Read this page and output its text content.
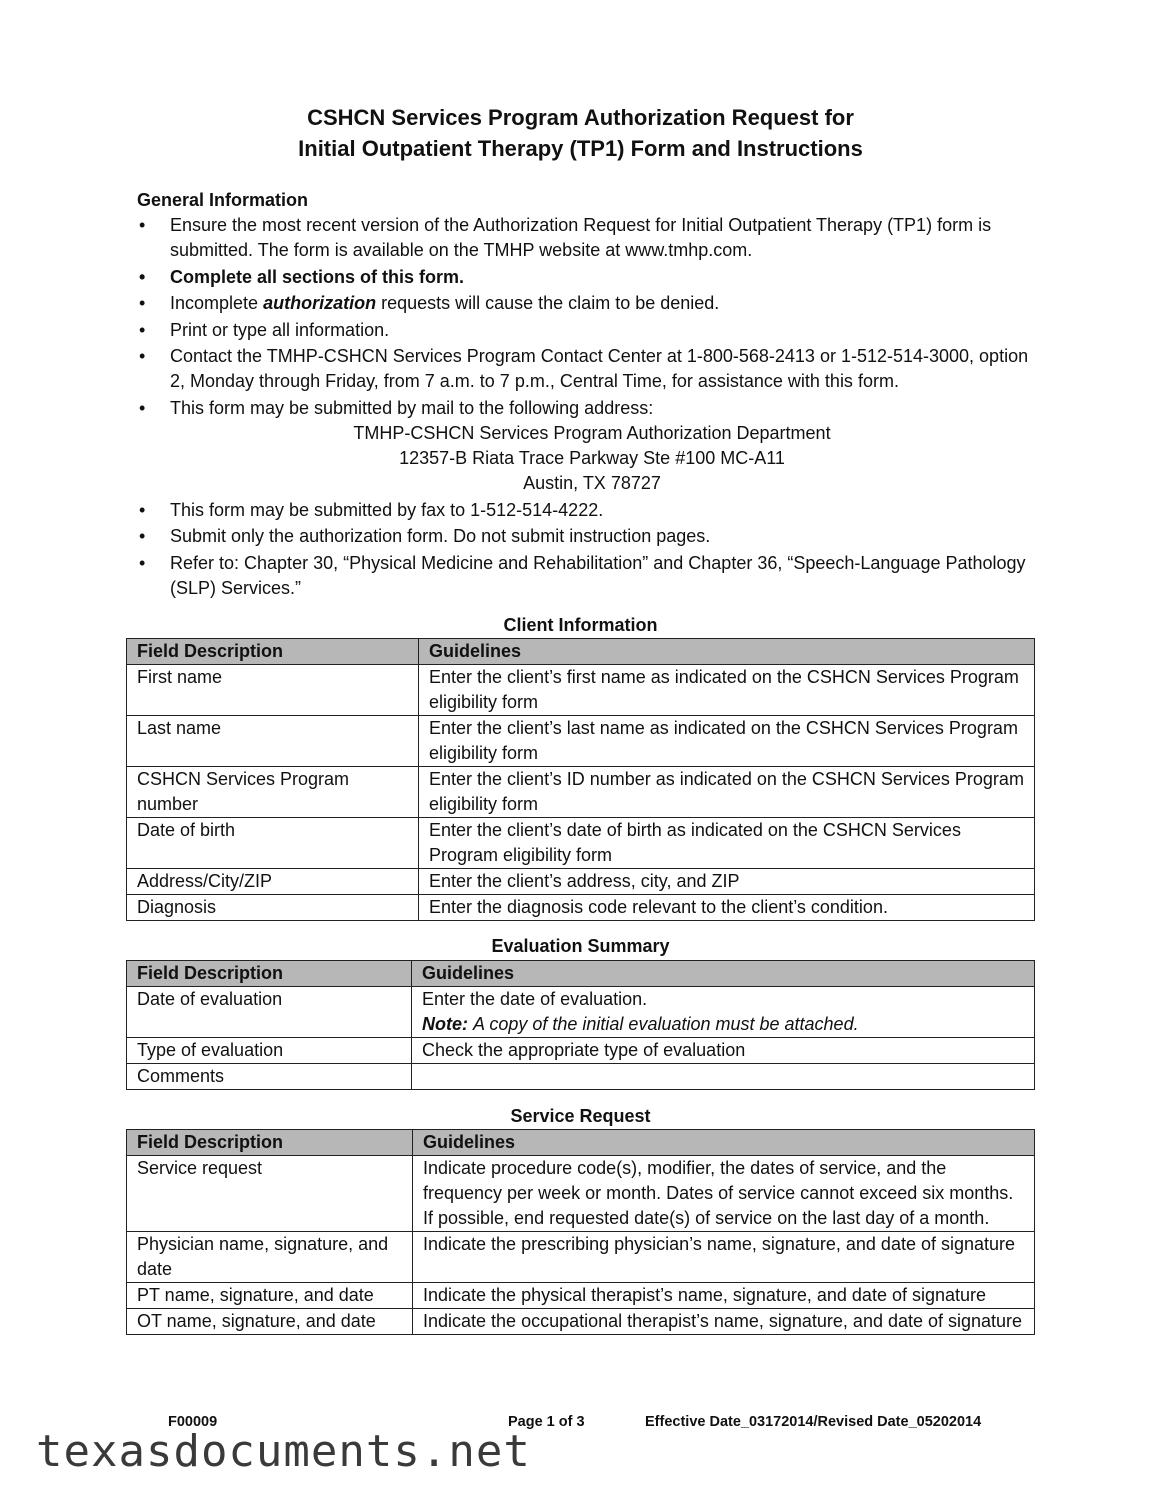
CSHCN Services Program Authorization Request for
Initial Outpatient Therapy (TP1) Form and Instructions
General Information
• Ensure the most recent version of the Authorization Request for Initial Outpatient Therapy (TP1) form is submitted. The form is available on the TMHP website at www.tmhp.com.
• Complete all sections of this form.
• Incomplete authorization requests will cause the claim to be denied.
• Print or type all information.
• Contact the TMHP-CSHCN Services Program Contact Center at 1-800-568-2413 or 1-512-514-3000, option 2, Monday through Friday, from 7 a.m. to 7 p.m., Central Time, for assistance with this form.
• This form may be submitted by mail to the following address:
TMHP-CSHCN Services Program Authorization Department
12357-B Riata Trace Parkway Ste #100 MC-A11
Austin, TX 78727
• This form may be submitted by fax to 1-512-514-4222.
• Submit only the authorization form. Do not submit instruction pages.
• Refer to: Chapter 30, “Physical Medicine and Rehabilitation” and Chapter 36, “Speech-Language Pathology (SLP) Services.”
Client Information
Field Description	Guidelines
First name	Enter the client’s first name as indicated on the CSHCN Services Program eligibility form
Last name	Enter the client’s last name as indicated on the CSHCN Services Program eligibility form
CSHCN Services Program number	Enter the client’s ID number as indicated on the CSHCN Services Program eligibility form
Date of birth	Enter the client’s date of birth as indicated on the CSHCN Services Program eligibility form
Address/City/ZIP	Enter the client’s address, city, and ZIP
Diagnosis	Enter the diagnosis code relevant to the client’s condition.
Evaluation Summary
Field Description	Guidelines
Date of evaluation	Enter the date of evaluation.
Note: A copy of the initial evaluation must be attached.

Type of evaluation	Check the appropriate type of evaluation
Comments	
Service Request
Field Description	Guidelines
Service request	Indicate procedure code(s), modifier, the dates of service, and the frequency per week or month. Dates of service cannot exceed six months. If possible, end requested date(s) of service on the last day of a month.
Physician name, signature, and date	Indicate the prescribing physician’s name, signature, and date of signature
PT name, signature, and date	Indicate the physical therapist’s name, signature, and date of signature
OT name, signature, and date	Indicate the occupational therapist’s name, signature, and date of signature
F00009	Page 1 of 3	Effective Date_03172014/Revised Date_05202014
texasdocuments.net
